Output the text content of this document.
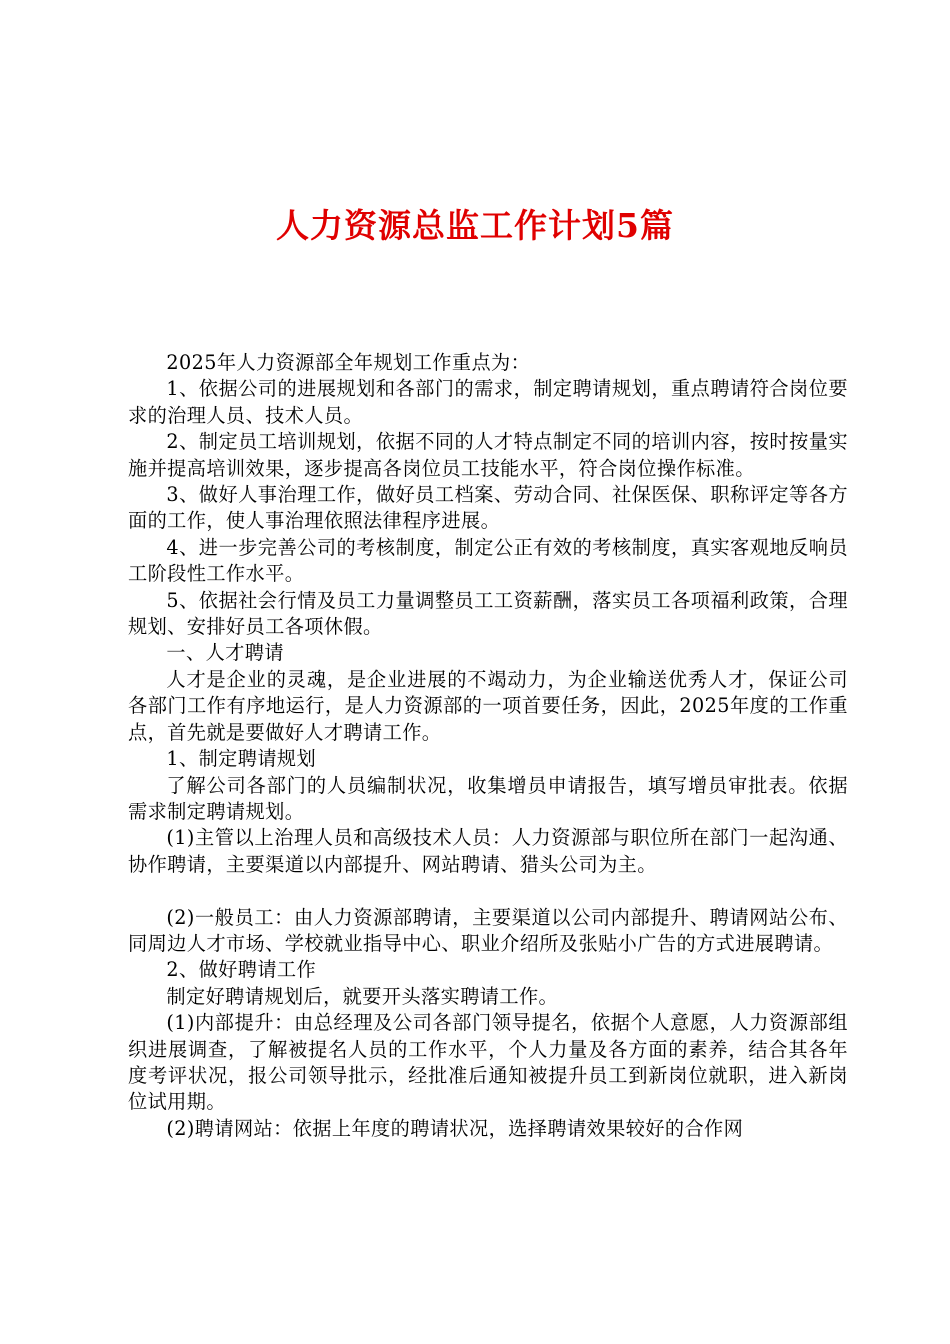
人力资源总监工作计划5篇

2025年人力资源部全年规划工作重点为：

1、依据公司的进展规划和各部门的需求，制定聘请规划，重点聘请符合岗位要求的治理人员、技术人员。

2、制定员工培训规划，依据不同的人才特点制定不同的培训内容，按时按量实施并提高培训效果，逐步提高各岗位员工技能水平，符合岗位操作标准。

3、做好人事治理工作，做好员工档案、劳动合同、社保医保、职称评定等各方面的工作，使人事治理依照法律程序进展。

4、进一步完善公司的考核制度，制定公正有效的考核制度，真实客观地反响员工阶段性工作水平。

5、依据社会行情及员工力量调整员工工资薪酬，落实员工各项福利政策，合理规划、安排好员工各项休假。

一、人才聘请

人才是企业的灵魂，是企业进展的不竭动力，为企业输送优秀人才，保证公司各部门工作有序地运行，是人力资源部的一项首要任务，因此，2025年度的工作重点，首先就是要做好人才聘请工作。

1、制定聘请规划

了解公司各部门的人员编制状况，收集增员申请报告，填写增员审批表。依据需求制定聘请规划。

(1)主管以上治理人员和高级技术人员：人力资源部与职位所在部门一起沟通、协作聘请，主要渠道以内部提升、网站聘请、猎头公司为主。

(2)一般员工：由人力资源部聘请，主要渠道以公司内部提升、聘请网站公布、同周边人才市场、学校就业指导中心、职业介绍所及张贴小广告的方式进展聘请。

2、做好聘请工作

制定好聘请规划后，就要开头落实聘请工作。

(1)内部提升：由总经理及公司各部门领导提名，依据个人意愿，人力资源部组织进展调查，了解被提名人员的工作水平，个人力量及各方面的素养，结合其各年度考评状况，报公司领导批示，经批准后通知被提升员工到新岗位就职，进入新岗位试用期。

(2)聘请网站：依据上年度的聘请状况，选择聘请效果较好的合作网
